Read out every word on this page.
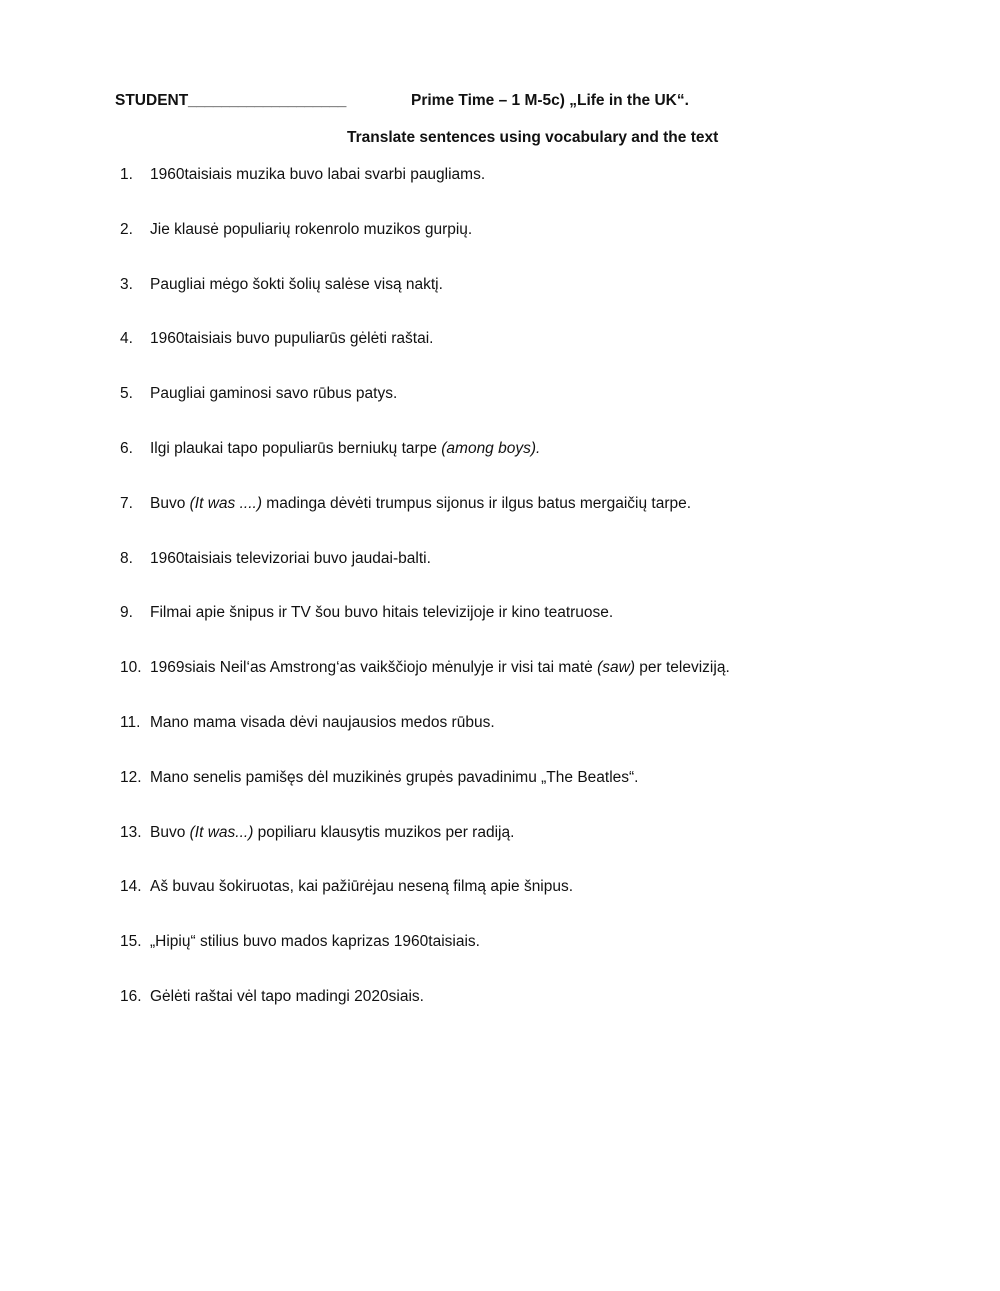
STUDENT ___________________	Prime Time – 1 M-5c) „Life in the UK“.
Translate sentences using vocabulary and the text
1.	1960taisiais muzika buvo labai svarbi paugliams.
2.	Jie klausė populiarių rokenrolo muzikos gurpių.
3.	Paugliai mėgo šokti šolių salėse visą naktį.
4.	1960taisiais buvo pupuliarūs gėlėti raštai.
5.	Paugliai gaminosi savo rūbus patys.
6.	Ilgi plaukai tapo populiarūs berniukų tarpe (among boys).
7.	Buvo (It was ....) madinga dėvėti trumpus sijonus ir ilgus batus mergaičių tarpe.
8.	1960taisiais televizoriai buvo jaudai-balti.
9.	Filmai apie šnipus ir TV šou buvo hitais televizijoje ir kino teatruose.
10. 1969siais Neil‘as Amstrong‘as vaikščiojo mėnulyje ir visi tai matė (saw) per televiziją.
11. Mano mama visada dėvi naujausios medos rūbus.
12. Mano senelis pamišęs dėl muzikinės grupės pavadinimu „The Beatles“.
13. Buvo (It was...) popiliaru klausytis muzikos per radiją.
14. Aš buvau šokiruotas, kai pažiūrėjau neseną filmą apie šnipus.
15. „Hipių“ stilius buvo mados kaprizas 1960taisiais.
16. Gėlėti raštai vėl tapo madingi 2020siais.
